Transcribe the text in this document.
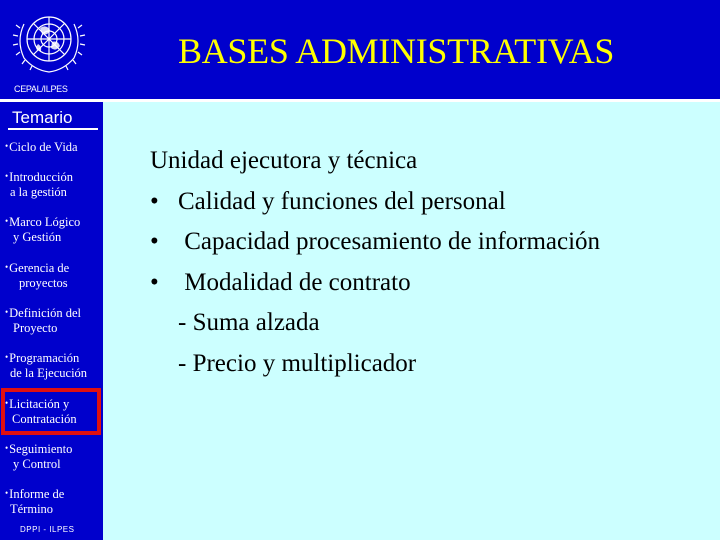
CEPAL/ILPES
Temario
•Ciclo de Vida
•Introducción
a la gestión
•Marco Lógico
y Gestión
•Gerencia de
proyectos
•Definición del
Proyecto
•Programación
de la Ejecución
•Licitación y
Contratación
•Seguimiento
y Control
•Informe de
Término
DPPI - ILPES
BASES ADMINISTRATIVAS
Unidad ejecutora y técnica
• Calidad y funciones del personal
• Capacidad procesamiento de información
• Modalidad de contrato
- Suma alzada
- Precio y multiplicador
